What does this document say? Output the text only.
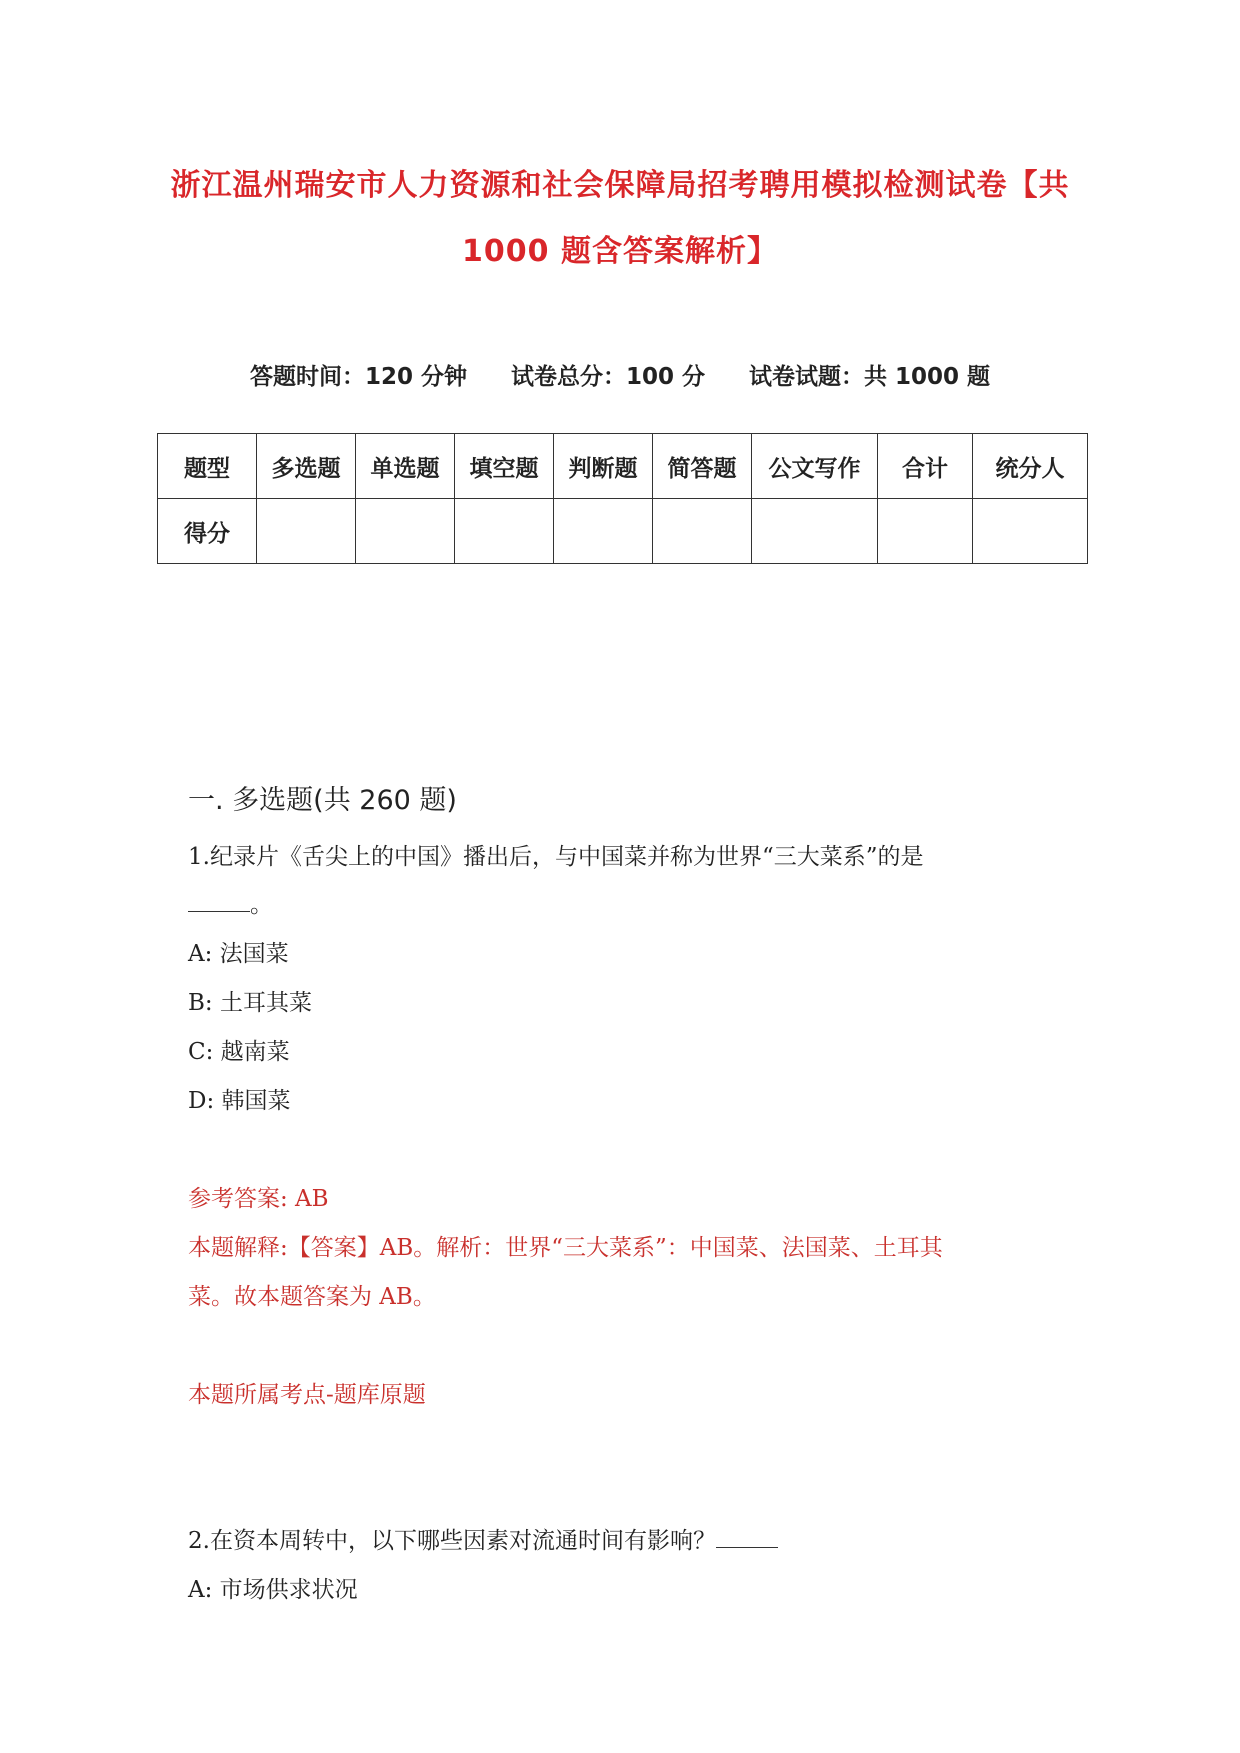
浙江温州瑞安市人力资源和社会保障局招考聘用模拟检测试卷【共
1000 题含答案解析】
答题时间：120 分钟 试卷总分：100 分 试卷试题：共 1000 题
题型	多选题	单选题	填空题	判断题	简答题	公文写作	合计	统分人
得分								
一. 多选题(共 260 题)
1.纪录片《舌尖上的中国》播出后，与中国菜并称为世界“三大菜系”的是
。
A: 法国菜
B: 土耳其菜
C: 越南菜
D: 韩国菜
参考答案: AB
本题解释:【答案】AB。解析：世界“三大菜系”：中国菜、法国菜、土耳其
菜。故本题答案为 AB。
本题所属考点-题库原题
2.在资本周转中，以下哪些因素对流通时间有影响？
A: 市场供求状况
